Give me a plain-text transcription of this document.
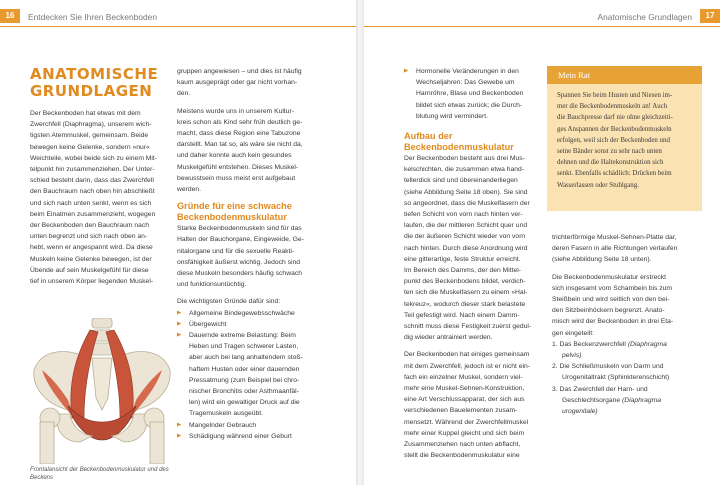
16	Entdecken Sie Ihren Beckenboden
ANATOMISCHE
GRUNDLAGEN
Der Beckenboden hat etwas mit dem
Zwerchfell (Diaphragma), unserem wich-
tigsten Atemmuskel, gemeinsam. Beide
bewegen keine Gelenke, sondern »nur«
Weichteile, wobei beide sich zu einem Mit-
telpunkt hin zusammenziehen. Der Unter-
schied besteht darin, dass das Zwerchfell
den Bauchraum nach oben hin abschließt
und sich nach unten senkt, wenn es sich
beim Einatmen zusammenzieht, wogegen
der Beckenboden den Bauchraum nach
unten begrenzt und sich nach oben an-
hebt, wenn er angespannt wird. Da diese
Muskeln keine Gelenke bewegen, ist der
Übende auf sein Muskelgefühl für diese
tief in unserem Körper liegenden Muskel-
Frontalansicht der Beckenbodenmuskulatur und des Beckens
gruppen angewiesen – und dies ist häufig
kaum ausgeprägt oder gar nicht vorhan-
den.
Meistens wurde uns in unserem Kultur-
kreis schon als Kind sehr früh deutlich ge-
macht, dass diese Region eine Tabuzone
darstellt. Man tat so, als wäre sie nicht da,
und daher konnte auch kein gesundes
Muskelgefühl entstehen. Dieses Muskel-
bewusstsein muss meist erst aufgebaut
werden.
Gründe für eine schwache
Beckenbodenmuskulatur
Starke Beckenbodenmuskeln sind für das
Halten der Bauchorgane, Eingeweide, Ge-
nitalorgane und für die sexuelle Reakti-
onsfähigkeit äußerst wichtig. Jedoch sind
diese Muskeln besonders häufig schwach
und funktionsuntüchtig.
Die wichtigsten Gründe dafür sind:
▶ Allgemeine Bindegewebsschwäche
▶ Übergewicht
▶ Dauernde extreme Belastung: Beim
Heben und Tragen schwerer Lasten,
aber auch bei lang anhaltendem stoß-
haftem Husten oder einer dauernden
Pressatmung (zum Beispiel bei chro-
nischer Bronchitis oder Asthmaanfäl-
len) wird ein gewaltiger Druck auf die
Tragemuskeln ausgeübt.
▶ Mangelnder Gebrauch
▶ Schädigung während einer Geburt
Anatomische Grundlagen	17
▶ Hormonelle Veränderungen in den
Wechseljahren: Das Gewebe um
Harnröhre, Blase und Beckenboden
bildet sich etwas zurück; die Durch-
blutung wird vermindert.
Aufbau der
Beckenbodenmuskulatur
Der Beckenboden besteht aus drei Mus-
kelschichten, die zusammen etwa hand-
tellerdick sind und übereinanderliegen
(siehe Abbildung Seite 18 oben). Sie sind
so angeordnet, dass die Muskelfasern der
tiefen Schicht von vorn nach hinten ver-
laufen, die der mittleren Schicht quer und
die der äußeren Schicht wieder von vorn
nach hinten. Durch diese Anordnung wird
eine gitterartige, feste Struktur erreicht.
Im Bereich des Damms, der den Mittel-
punkt des Beckenbodens bildet, verdich-
ten sich die Muskelfasern zu einem »Hal-
tekreuz«, wodurch dieser stark belastete
Teil gefestigt wird. Nach einem Damm-
schnitt muss diese Festigkeit zuerst gedul-
dig wieder antrainiert werden.
Der Beckenboden hat einiges gemeinsam
mit dem Zwerchfell, jedoch ist er nicht ein-
fach ein einzelner Muskel, sondern viel-
mehr eine Muskel-Sehnen-Konstruktion,
eine Art Verschlussapparat, der sich aus
verschiedenen Bauelementen zusam-
mensetzt. Während der Zwerchfellmuskel
mehr einer Kuppel gleicht und sich beim
Zusammenziehen nach unten abflacht,
stellt die Beckenbodenmuskulatur eine
Mein Rat
Spannen Sie beim Husten und Niesen im-
mer die Beckenbodenmuskeln an! Auch
die Bauchpresse darf nie ohne gleichzeiti-
ges Anspannen der Beckenbodenmuskeln
erfolgen, weil sich der Beckenboden und
seine Bänder sonst zu sehr nach unten
dehnen und die Haltekonstruktion sich
senkt. Ebenfalls schädlich: Drücken beim
Wasserlassen oder Stuhlgang.
trichterförmige Muskel-Sehnen-Platte dar,
deren Fasern in alle Richtungen verlaufen
(siehe Abbildung Seite 18 unten).
Die Beckenbodenmuskulatur erstreckt
sich insgesamt vom Schambein bis zum
Steißbein und wird seitlich von den bei-
den Sitzbeinhöckern begrenzt. Anato-
misch wird der Beckenboden in drei Eta-
gen eingeteilt:
1. Das Beckenzwerchfell (Diaphragma
pelvis)
2. Die Schließmuskeln von Darm und
Urogenitaltrakt (Sphinkterenschicht)
3. Das Zwerchfell der Harn- und
Geschlechtsorgane (Diaphragma urogenitale)
